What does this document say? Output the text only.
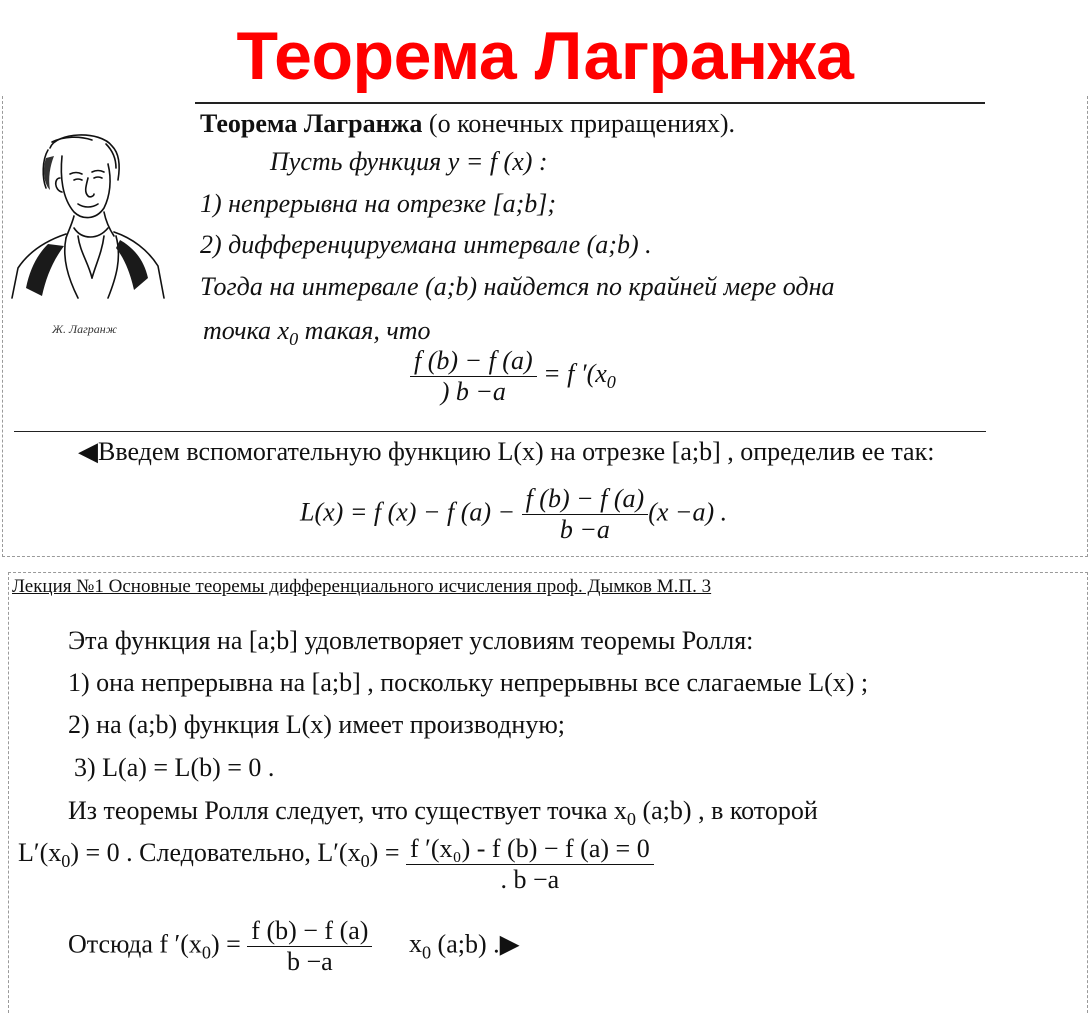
Теорема Лагранжа
Ж. Лагранж
Теорема Лагранжа (о конечных приращениях).
Пусть функция y = f (x) :
1) непрерывна на отрезке [a;b];
2) дифференцируемана интервале (a;b) .
Тогда на интервале (a;b) найдется по крайней мере одна
точка $x_0$ такая, что
$\frac{f (b) - f (a)}{) b -a} = f$ $'(x_0$
◀Введем вспомогательную функцию L(x) на отрезке [a;b] , определив ее так:
L(x) = f (x) − f $(a) - \frac{f (b) - f (a)}{b -a} (x -a)$ .
Лекция №1 Основные теоремы дифференциального исчисления проф. Дымков М.П. 3
Эта функция на [a;b] удовлетворяет условиям теоремы Ролля:
1) она непрерывна на [a;b] , поскольку непрерывны все слагаемые L(x) ;
2) на (a;b) функция L(x) имеет производную;
3) L(a) = L(b) = 0 .
Из теоремы Ролля следует, что существует точка $x_0$ (a;b) , в которой
$L'(x_0) = 0$ . Следовательно, $L'(x_0) = \frac{\text{f ′(x₀) - f (b) − f (a) = 0}}{. b -a}$
Отсюда f $'(x_0) = \frac{f (b) - f (a)}{b -a} x_0$ (a;b) .▶
